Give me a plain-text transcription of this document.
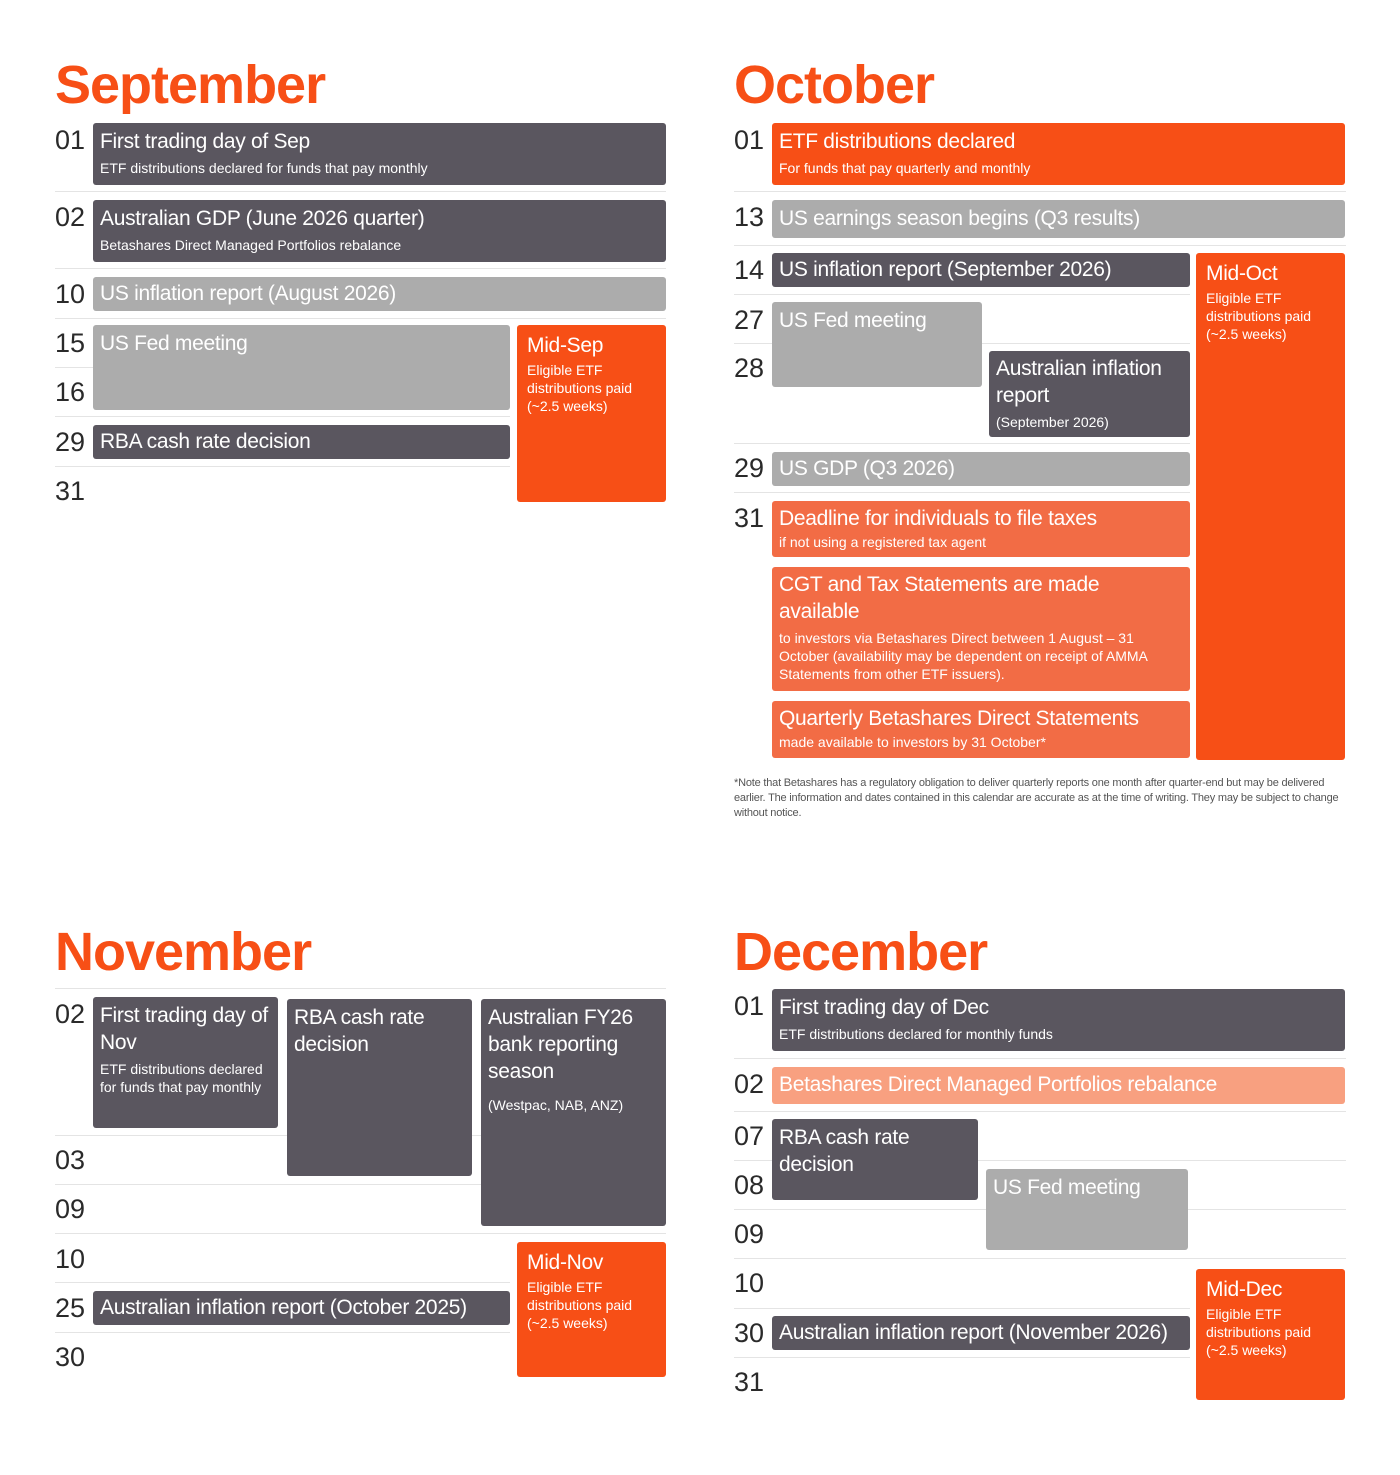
September
01
02
10
15
16
29
31
First trading day of Sep
ETF distributions declared for funds that pay monthly
Australian GDP (June 2026 quarter)
Betashares Direct Managed Portfolios rebalance
US inflation report (August 2026)
US Fed meeting
RBA cash rate decision
Mid-Sep
Eligible ETF distributions paid (~2.5 weeks)
October
01
13
14
27
28
29
31
ETF distributions declared
For funds that pay quarterly and monthly
US earnings season begins (Q3 results)
US inflation report (September 2026)
US Fed meeting
Australian inflation report
(September 2026)
US GDP (Q3 2026)
Deadline for individuals to file taxes
if not using a registered tax agent
CGT and Tax Statements are made available
to investors via Betashares Direct between 1 August – 31 October (availability may be dependent on receipt of AMMA Statements from other ETF issuers).
Quarterly Betashares Direct Statements
made available to investors by 31 October*
Mid-Oct
Eligible ETF distributions paid (~2.5 weeks)
*Note that Betashares has a regulatory obligation to deliver quarterly reports one month after quarter-end but may be delivered earlier. The information and dates contained in this calendar are accurate as at the time of writing. They may be subject to change without notice.
November
02
03
09
10
25
30
First trading day of Nov
ETF distributions declared for funds that pay monthly
RBA cash rate decision
Australian FY26 bank reporting season
(Westpac, NAB, ANZ)
Australian inflation report (October 2025)
Mid-Nov
Eligible ETF distributions paid (~2.5 weeks)
December
01
02
07
08
09
10
30
31
First trading day of Dec
ETF distributions declared for monthly funds
Betashares Direct Managed Portfolios rebalance
RBA cash rate decision
US Fed meeting
Australian inflation report (November 2026)
Mid-Dec
Eligible ETF distributions paid (~2.5 weeks)
